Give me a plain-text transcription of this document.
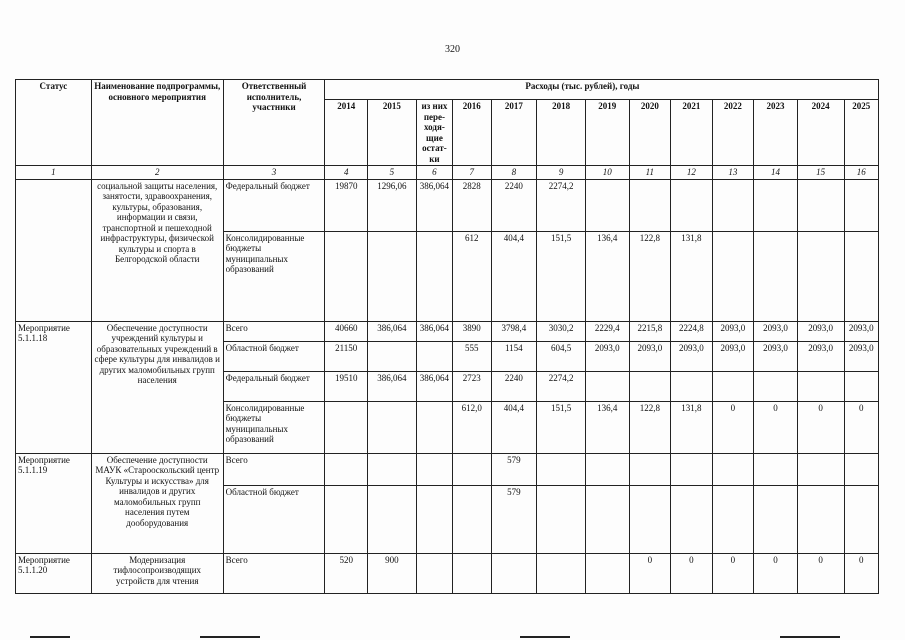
320
Статус	Наименование подпрограммы, основного мероприятия	Ответственный исполнитель, участники	Расходы (тыс. рублей), годы												
			2014	2015	из них пере-ходя-щие остат-ки	2016	2017	2018	2019	2020	2021	2022	2023	2024	2025
1	2	3	4	5	6	7	8	9	10	11	12	13	14	15	16
	социальной защиты населения, занятости, здравоохранения, культуры, образования, информации и связи, транспортной и пешеходной инфраструктуры, физической культуры и спорта в Белгородской области	Федеральный бюджет	19870	1296,06	386,064	2828	2240	2274,2							
		Консолидированные бюджеты муниципальных образований				612	404,4	151,5	136,4	122,8	131,8				
Мероприятие 5.1.1.18	Обеспечение доступности учреждений культуры и образовательных учреждений в сфере культуры для инвалидов и других маломобильных групп населения	Всего	40660	386,064	386,064	3890	3798,4	3030,2	2229,4	2215,8	2224,8	2093,0	2093,0	2093,0	2093,0
		Областной бюджет	21150			555	1154	604,5	2093,0	2093,0	2093,0	2093,0	2093,0	2093,0	2093,0
		Федеральный бюджет	19510	386,064	386,064	2723	2240	2274,2							
		Консолидированные бюджеты муниципальных образований				612,0	404,4	151,5	136,4	122,8	131,8	0	0	0	0
Мероприятие 5.1.1.19	Обеспечение доступности МАУК «Старооскольский центр Культуры и искусства» для инвалидов и других маломобильных групп населения путем дооборудования	Всего					579								
		Областной бюджет					579								
Мероприятие 5.1.1.20	Модернизация тифлосопроизводящих устройств для чтения	Всего	520	900						0	0	0	0	0	0
